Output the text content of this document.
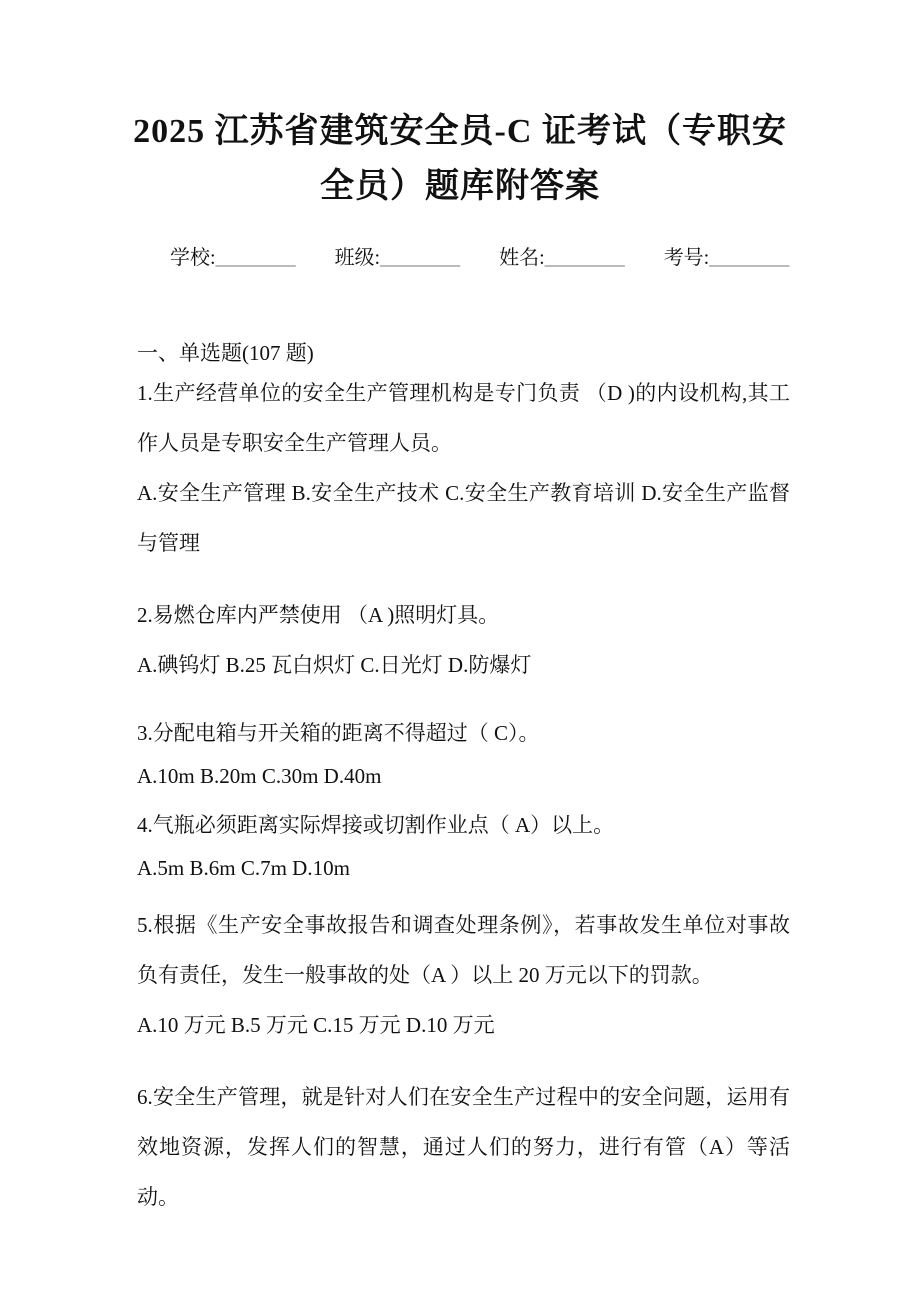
2025 江苏省建筑安全员-C 证考试（专职安
全员）题库附答案
学校:________ 班级:________ 姓名:________ 考号:________
一、单选题(107 题)

1.生产经营单位的安全生产管理机构是专门负责 （D )的内设机构,其工作人员是专职安全生产管理人员。

A.安全生产管理 B.安全生产技术 C.安全生产教育培训 D.安全生产监督与管理

2.易燃仓库内严禁使用 （A )照明灯具。

A.碘钨灯 B.25 瓦白炽灯 C.日光灯 D.防爆灯

3.分配电箱与开关箱的距离不得超过（ C）。

A.10m B.20m C.30m D.40m

4.气瓶必须距离实际焊接或切割作业点（ A）以上。

A.5m B.6m C.7m D.10m

5.根据《生产安全事故报告和调查处理条例》，若事故发生单位对事故负有责任，发生一般事故的处（A ）以上 20 万元以下的罚款。

A.10 万元 B.5 万元 C.15 万元 D.10 万元

6.安全生产管理，就是针对人们在安全生产过程中的安全问题，运用有效地资源，发挥人们的智慧，通过人们的努力，进行有管（A）等活动。
